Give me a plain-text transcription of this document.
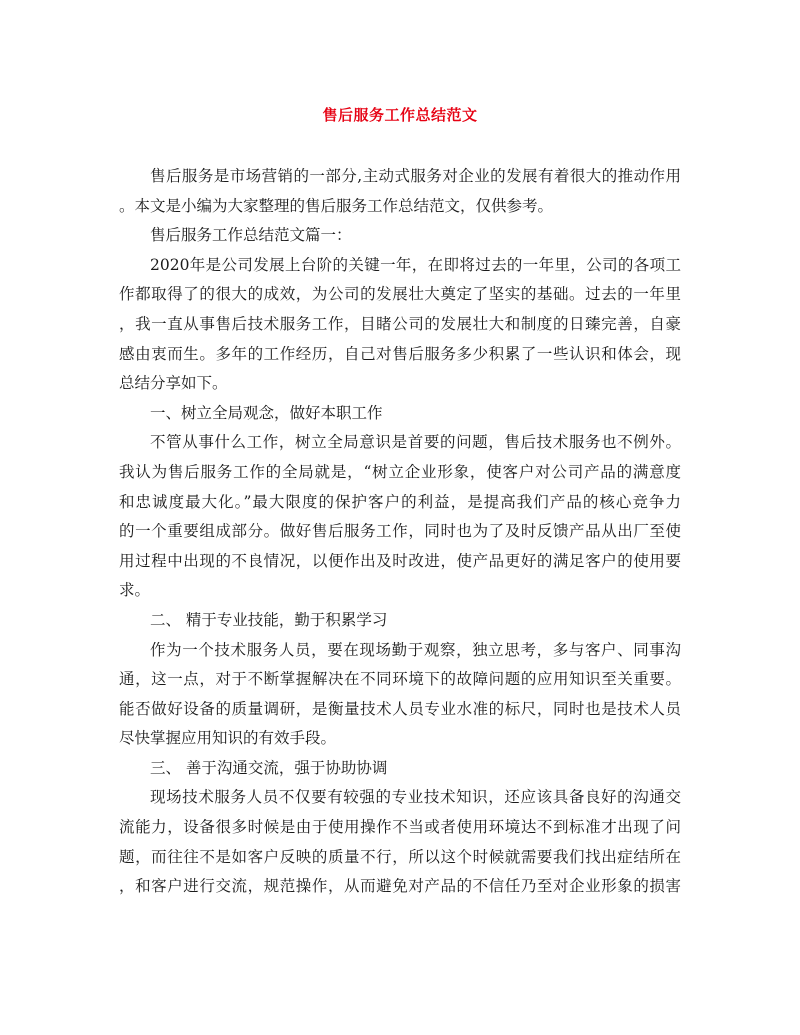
售后服务工作总结范文
售后服务是市场营销的一部分,主动式服务对企业的发展有着很大的推动作用
。本文是小编为大家整理的售后服务工作总结范文，仅供参考。
售后服务工作总结范文篇一：
2020年是公司发展上台阶的关键一年，在即将过去的一年里，公司的各项工
作都取得了的很大的成效，为公司的发展壮大奠定了坚实的基础。过去的一年里
，我一直从事售后技术服务工作，目睹公司的发展壮大和制度的日臻完善，自豪
感由衷而生。多年的工作经历，自己对售后服务多少积累了一些认识和体会，现
总结分享如下。
一、树立全局观念，做好本职工作
不管从事什么工作，树立全局意识是首要的问题，售后技术服务也不例外。
我认为售后服务工作的全局就是，“树立企业形象，使客户对公司产品的满意度
和忠诚度最大化。”最大限度的保护客户的利益，是提高我们产品的核心竞争力
的一个重要组成部分。做好售后服务工作，同时也为了及时反馈产品从出厂至使
用过程中出现的不良情况，以便作出及时改进，使产品更好的满足客户的使用要
求。
二、 精于专业技能，勤于积累学习
作为一个技术服务人员，要在现场勤于观察，独立思考，多与客户、同事沟
通，这一点，对于不断掌握解决在不同环境下的故障问题的应用知识至关重要。
能否做好设备的质量调研，是衡量技术人员专业水准的标尺，同时也是技术人员
尽快掌握应用知识的有效手段。
三、 善于沟通交流，强于协助协调
现场技术服务人员不仅要有较强的专业技术知识，还应该具备良好的沟通交
流能力，设备很多时候是由于使用操作不当或者使用环境达不到标准才出现了问
题，而往往不是如客户反映的质量不行，所以这个时候就需要我们找出症结所在
，和客户进行交流，规范操作，从而避免对产品的不信任乃至对企业形象的损害
